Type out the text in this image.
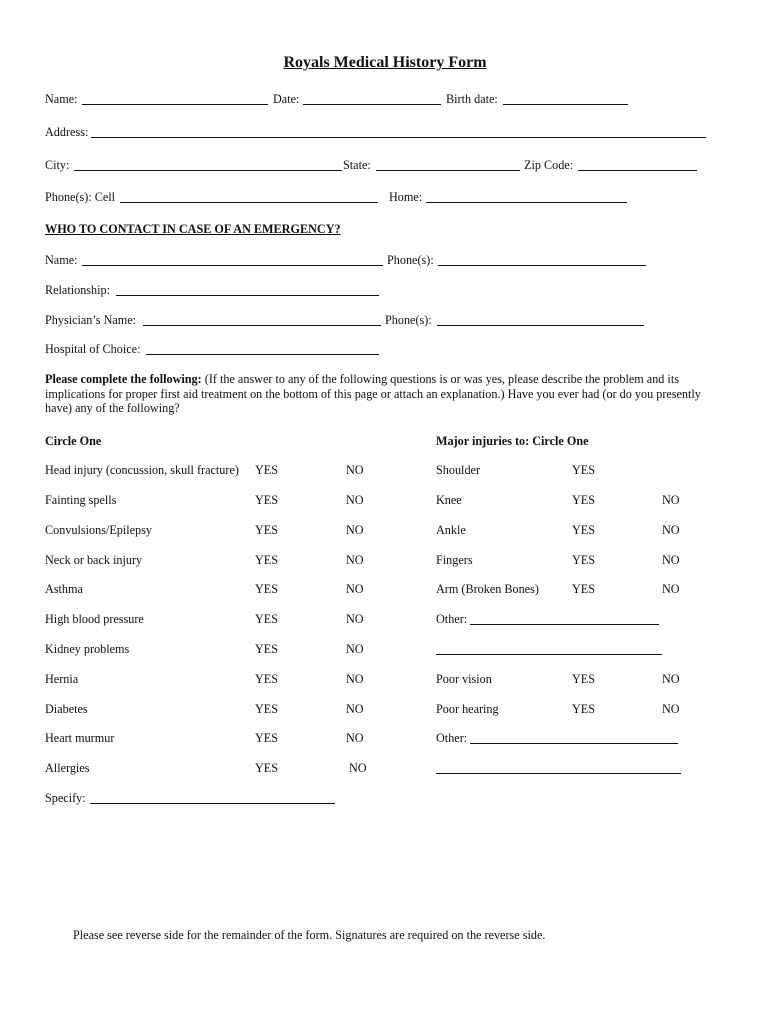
Royals Medical History Form
Name:	Date:	Birth date:
Address:
City:	State:	Zip Code:
Phone(s): Cell	Home:
WHO TO CONTACT IN CASE OF AN EMERGENCY?
Name:	Phone(s):
Relationship:
Physician’s Name:	Phone(s):
Hospital of Choice:
Please complete the following: (If the answer to any of the following questions is or was yes, please describe the problem and its implications for proper first aid treatment on the bottom of this page or attach an explanation.) Have you ever had (or do you presently have) any of the following?
Circle One	Major injuries to: Circle One
Head injury (concussion, skull fracture) YES	NO
Fainting spells	YES	NO
Convulsions/Epilepsy	YES	NO
Neck or back injury	YES	NO
Asthma	YES	NO
High blood pressure	YES	NO
Kidney problems	YES	NO
Hernia	YES	NO
Diabetes	YES	NO
Heart murmur	YES	NO
Allergies	YES	NO
Shoulder	YES
Knee	YES	NO
Ankle	YES	NO
Fingers	YES	NO
Arm (Broken Bones)	YES	NO
Other:
Poor vision	YES	NO
Poor hearing	YES	NO
Other:
Specify:
Please see reverse side for the remainder of the form. Signatures are required on the reverse side.
